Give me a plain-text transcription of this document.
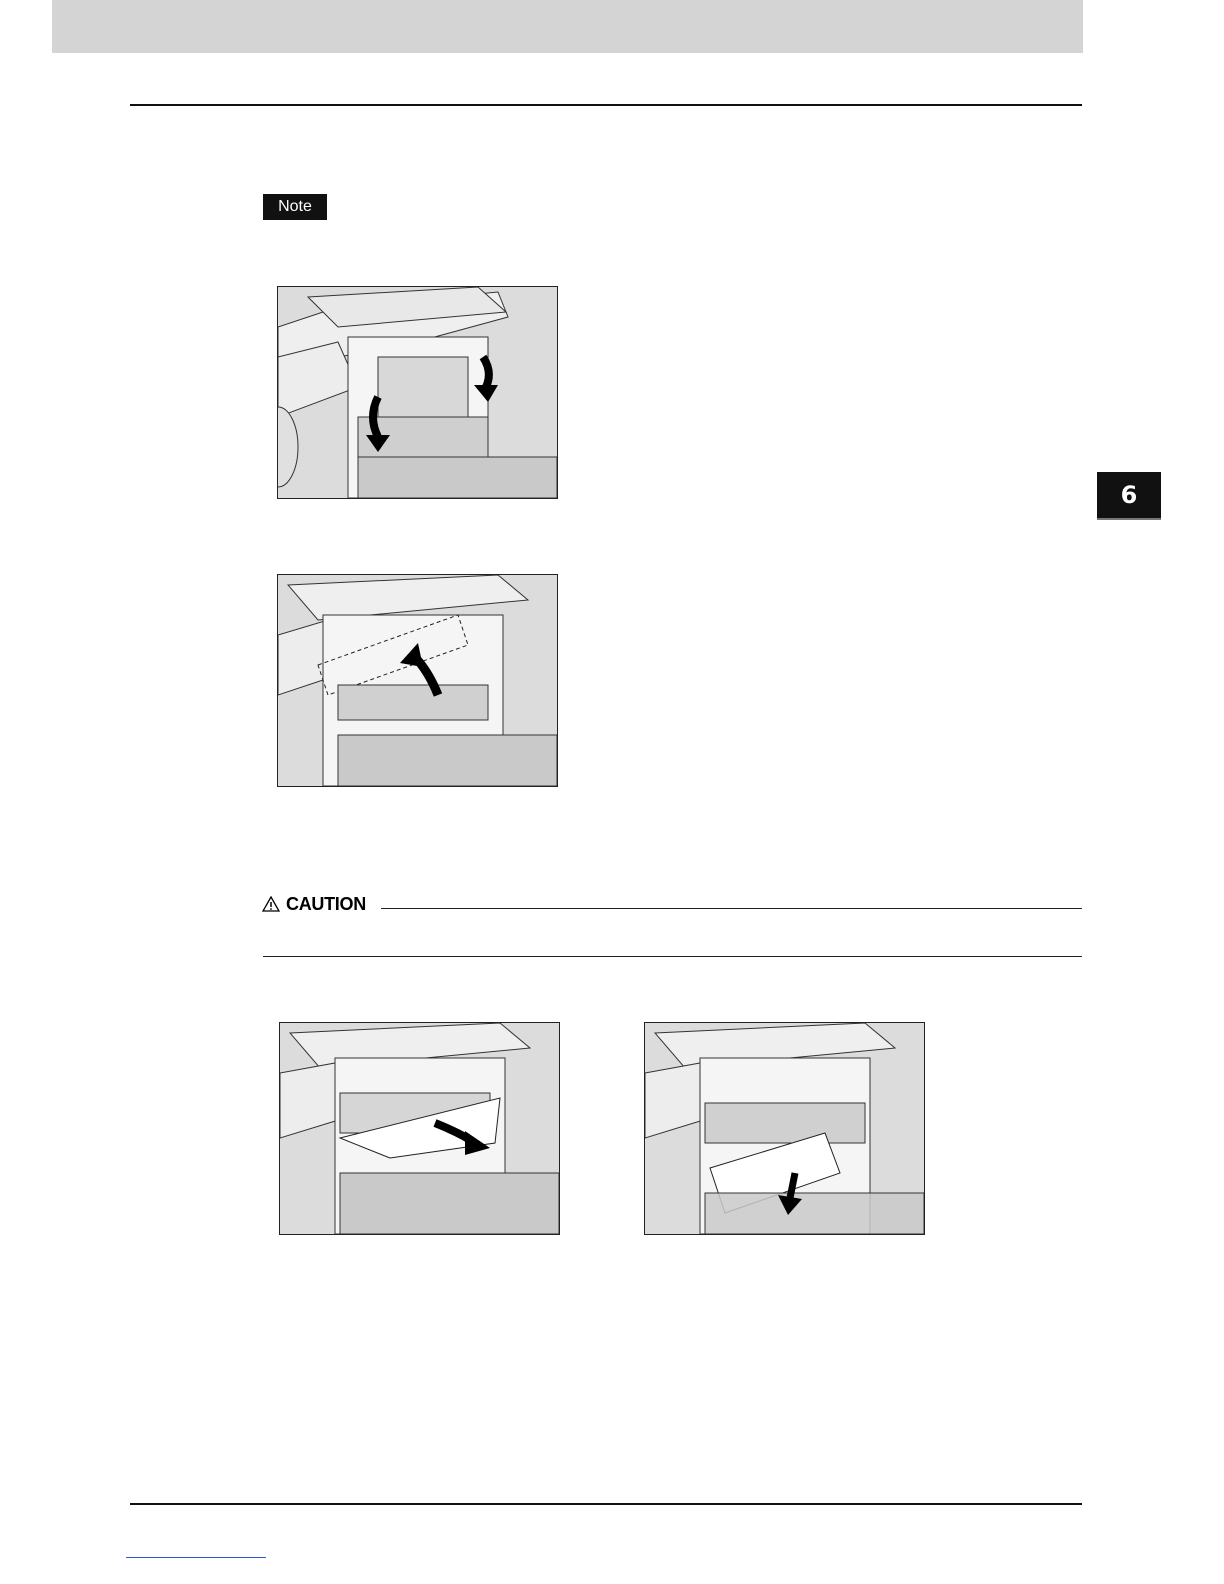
Note
6
CAUTION
